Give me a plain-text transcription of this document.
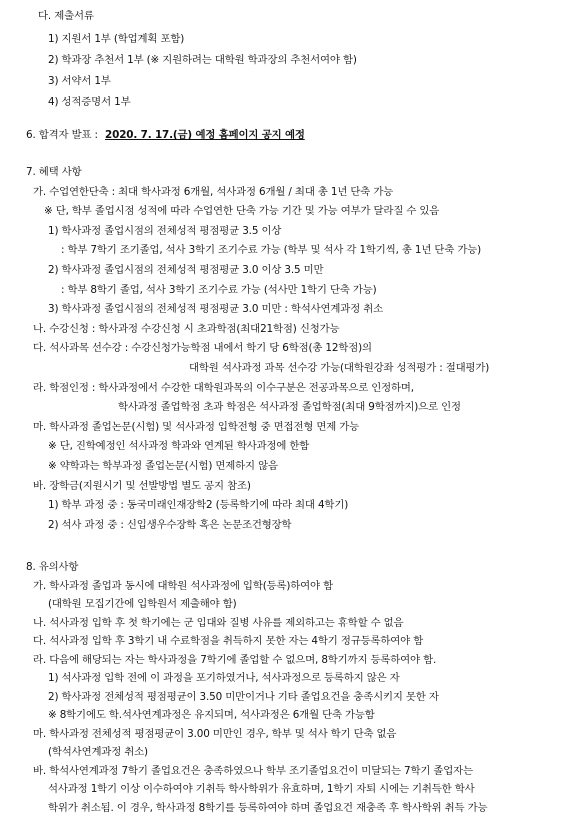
다. 제출서류
1) 지원서 1부 (학업계획 포함)
2) 학과장 추천서 1부 (※ 지원하려는 대학원 학과장의 추천서여야 함)
3) 서약서 1부
4) 성적증명서 1부
6. 합격자 발표 : 2020. 7. 17.(금) 예정 홈페이지 공지 예정
7. 혜택 사항
가. 수업연한단축 : 최대 학사과정 6개월, 석사과정 6개월 / 최대 총 1년 단축 가능
※ 단, 학부 졸업시점 성적에 따라 수업연한 단축 가능 기간 및 가능 여부가 달라질 수 있음
1) 학사과정 졸업시점의 전체성적 평점평균 3.5 이상
: 학부 7학기 조기졸업, 석사 3학기 조기수료 가능 (학부 및 석사 각 1학기씩, 총 1년 단축 가능)
2) 학사과정 졸업시점의 전체성적 평점평균 3.0 이상 3.5 미만
: 학부 8학기 졸업, 석사 3학기 조기수료 가능 (석사만 1학기 단축 가능)
3) 학사과정 졸업시점의 전체성적 평점평균 3.0 미만 : 학석사연계과정 취소
나. 수강신청 : 학사과정 수강신청 시 초과학점(최대21학점) 신청가능
다. 석사과목 선수강 : 수강신청가능학점 내에서 학기 당 6학점(총 12학점)의
대학원 석사과정 과목 선수강 가능(대학원강좌 성적평가 : 절대평가)
라. 학점인정 : 학사과정에서 수강한 대학원과목의 이수구분은 전공과목으로 인정하며,
학사과정 졸업학점 초과 학점은 석사과정 졸업학점(최대 9학점까지)으로 인정
마. 학사과정 졸업논문(시험) 및 석사과정 입학전형 중 면접전형 면제 가능
※ 단, 진학예정인 석사과정 학과와 연계된 학사과정에 한함
※ 약학과는 학부과정 졸업논문(시험) 면제하지 않음
바. 장학금(지원시기 및 선발방법 별도 공지 참조)
1) 학부 과정 중 : 동국미래인재장학2 (등록학기에 따라 최대 4학기)
2) 석사 과정 중 : 신입생우수장학 혹은 논문조건형장학
8. 유의사항
가. 학사과정 졸업과 동시에 대학원 석사과정에 입학(등록)하여야 함
(대학원 모집기간에 입학원서 제출해야 함)
나. 석사과정 입학 후 첫 학기에는 군 입대와 질병 사유를 제외하고는 휴학할 수 없음
다. 석사과정 입학 후 3학기 내 수료학점을 취득하지 못한 자는 4학기 정규등록하여야 함
라. 다음에 해당되는 자는 학사과정을 7학기에 졸업할 수 없으며, 8학기까지 등록하여야 함.
1) 석사과정 입학 전에 이 과정을 포기하였거나, 석사과정으로 등록하지 않은 자
2) 학사과정 전체성적 평점평균이 3.50 미만이거나 기타 졸업요건을 충족시키지 못한 자
※ 8학기에도 학.석사연계과정은 유지되며, 석사과정은 6개월 단축 가능함
마. 학사과정 전체성적 평점평균이 3.00 미만인 경우, 학부 및 석사 학기 단축 없음
(학석사연계과정 취소)
바. 학석사연계과정 7학기 졸업요건은 충족하였으나 학부 조기졸업요건이 미달되는 7학기 졸업자는
석사과정 1학기 이상 이수하여야 기취득 학사학위가 유효하며, 1학기 자퇴 시에는 기취득한 학사
학위가 취소됨. 이 경우, 학사과정 8학기를 등록하여야 하며 졸업요건 재충족 후 학사학위 취득 가능
